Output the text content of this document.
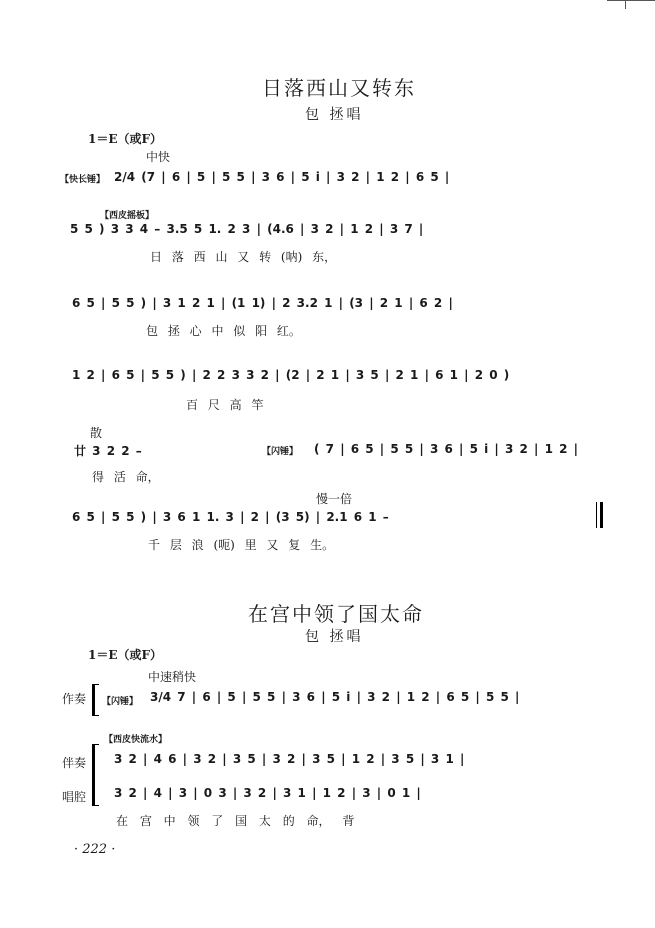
日落西山又转东
包 拯唱
1＝E（或F）
中快
【快长锤】 2/4 (7 | 6 | 5 | 5 5 | 3 6 | 5 i | 3 2 | 1 2 | 6 5 |
【西皮摇板】
5 5 ) 3 3 4 – 3.5 5 1. 2 3 | (4.6 | 3 2 | 1 2 | 3 7 |
日 落 西 山 又 转 (呐) 东，
6 5 | 5 5 ) | 3 1 2 1 | (1 1) | 2 3.2 1 | (3 | 2 1 | 6 2 |
包 拯 心 中 似 阳 红。
1 2 | 6 5 | 5 5 ) | 2 2 3 3 2 | (2 | 2 1 | 3 5 | 2 1 | 6 1 | 2 0 )
百 尺 高 竿
散
廿 3 2 2 –	【闪锤】 ( 7 | 6 5 | 5 5 | 3 6 | 5 i | 3 2 | 1 2 |
得 活 命，
慢一倍
6 5 | 5 5 ) | 3 6 1 1. 3 | 2 | (3 5) | 2.1 6 1 –
千 层 浪 (呃) 里 又 复 生。
在宫中领了国太命
包 拯唱
1＝E（或F）
中速稍快
作奏 【闪锤】 3/4 7 | 6 | 5 | 5 5 | 3 6 | 5 i | 3 2 | 1 2 | 6 5 | 5 5 |
【西皮快流水】
伴奏 3 2 | 4 6 | 3 2 | 3 5 | 3 2 | 3 5 | 1 2 | 3 5 | 3 1 |
唱腔 3 2 | 4 | 3 | 0 3 | 3 2 | 3 1 | 1 2 | 3 | 0 1 |
在 宫 中 领 了 国 太 的 命， 背
· 222 ·
